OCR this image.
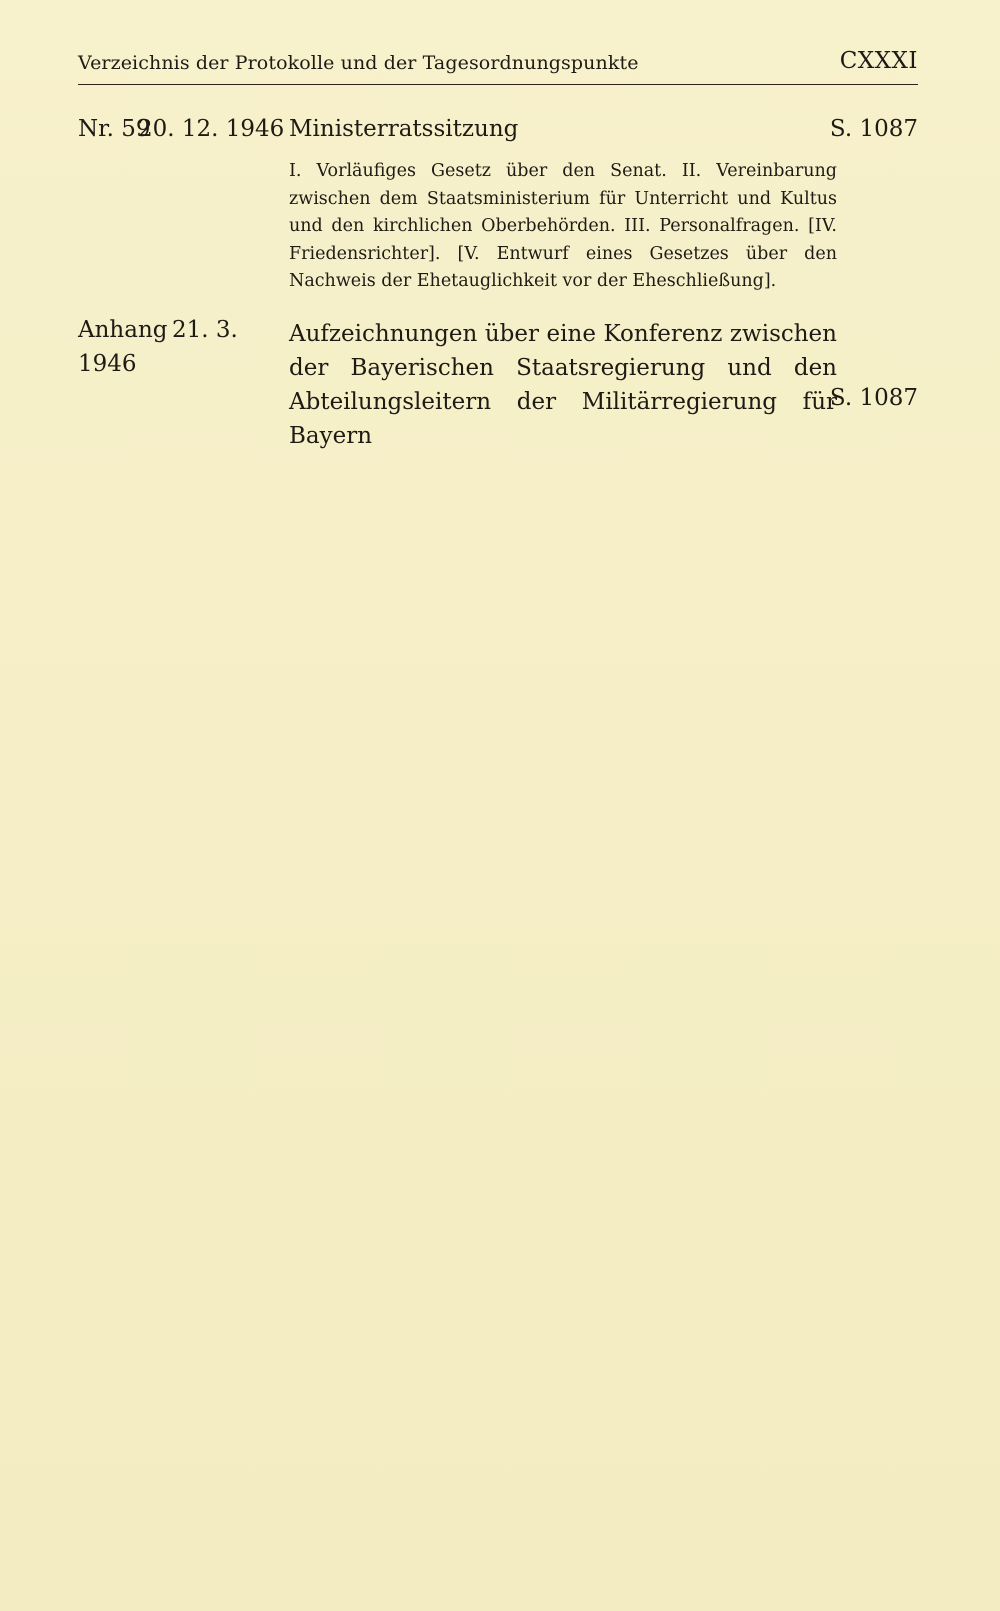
Verzeichnis der Protokolle und der Tagesordnungspunkte	CXXXI
Nr. 59
20. 12. 1946 Ministerratssitzung	S. 1087
I. Vorläufiges Gesetz über den Senat. II. Vereinbarung zwischen dem Staatsministerium für Unterricht und Kultus und den kirchlichen Oberbehörden. III. Personalfragen. [IV. Friedensrichter]. [V. Entwurf eines Gesetzes über den Nachweis der Ehetauglichkeit vor der Eheschließung].
Anhang 21. 3.
1946
Aufzeichnungen über eine Konferenz zwischen der Bayerischen Staatsregierung und den Abteilungsleitern der Militärregierung für Bayern
S. 1087
